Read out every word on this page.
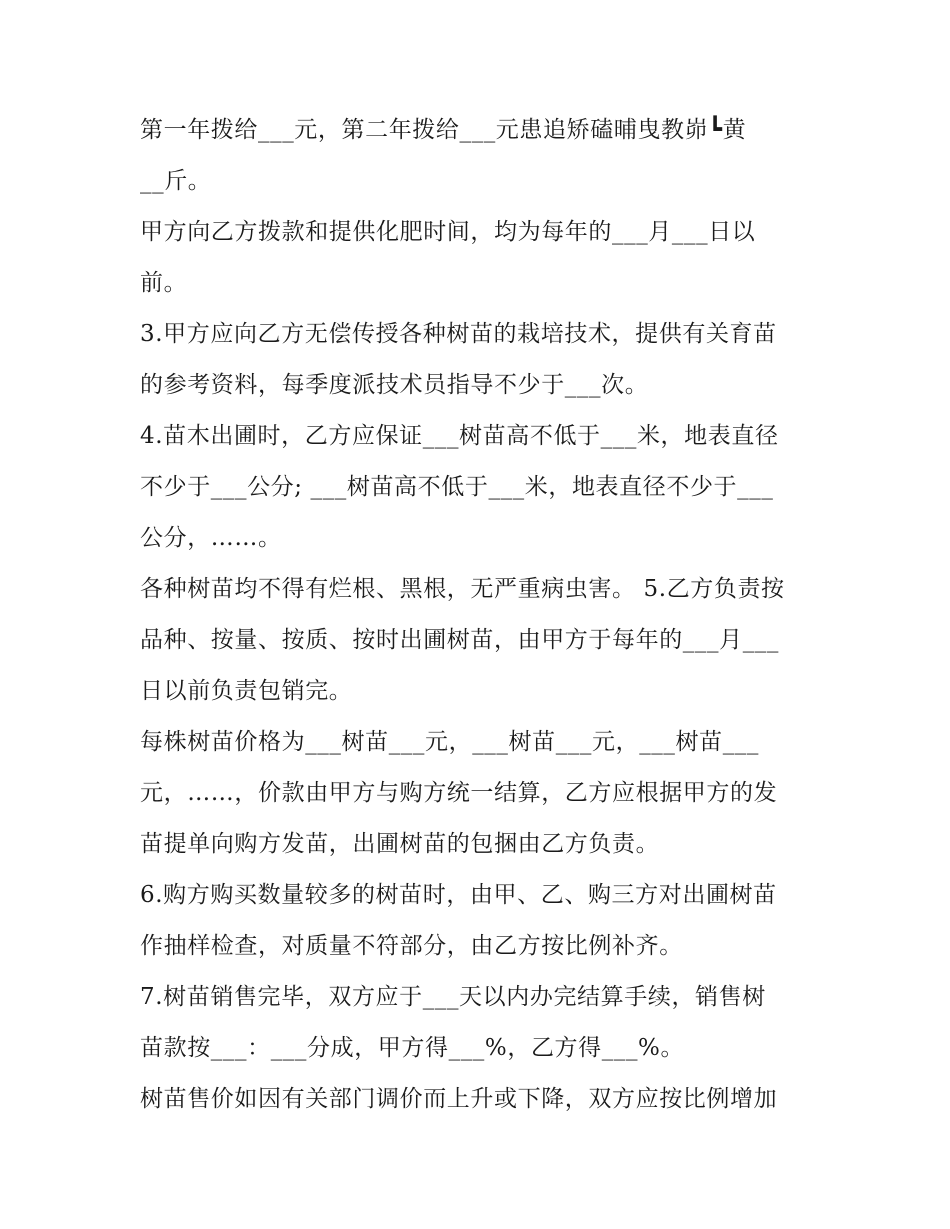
第一年拨给___元，第二年拨给___元患追矫磕晡曳教峁┗黄
__斤。
甲方向乙方拨款和提供化肥时间，均为每年的___月___日以
前。
3.甲方应向乙方无偿传授各种树苗的栽培技术，提供有关育苗
的参考资料，每季度派技术员指导不少于___次。
4.苗木出圃时，乙方应保证___树苗高不低于___米，地表直径
不少于___公分; ___树苗高不低于___米，地表直径不少于___
公分，……。
各种树苗均不得有烂根、黑根，无严重病虫害。 5.乙方负责按
品种、按量、按质、按时出圃树苗，由甲方于每年的___月___
日以前负责包销完。
每株树苗价格为___树苗___元，___树苗___元，___树苗___
元，……，价款由甲方与购方统一结算，乙方应根据甲方的发
苗提单向购方发苗，出圃树苗的包捆由乙方负责。
6.购方购买数量较多的树苗时，由甲、乙、购三方对出圃树苗
作抽样检查，对质量不符部分，由乙方按比例补齐。
7.树苗销售完毕，双方应于___天以内办完结算手续，销售树
苗款按___：___分成，甲方得___%，乙方得___%。
树苗售价如因有关部门调价而上升或下降，双方应按比例增加
